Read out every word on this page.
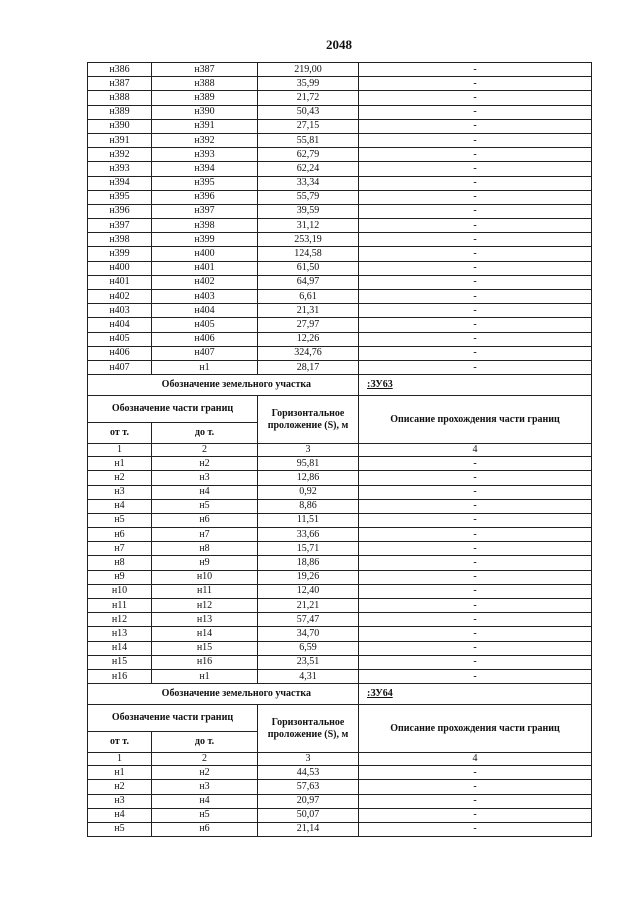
2048
н386	н387	219,00	-
н387	н388	35,99	-
н388	н389	21,72	-
н389	н390	50,43	-
н390	н391	27,15	-
н391	н392	55,81	-
н392	н393	62,79	-
н393	н394	62,24	-
н394	н395	33,34	-
н395	н396	55,79	-
н396	н397	39,59	-
н397	н398	31,12	-
н398	н399	253,19	-
н399	н400	124,58	-
н400	н401	61,50	-
н401	н402	64,97	-
н402	н403	6,61	-
н403	н404	21,31	-
н404	н405	27,97	-
н405	н406	12,26	-
н406	н407	324,76	-
н407	н1	28,17	-
Обозначение земельного участка			:ЗУ63
Обозначение части границ		Горизонтальное проложение (S), м	Описание прохождения части границ
от т.	до т.		
1	2	3	4
н1	н2	95,81	-
н2	н3	12,86	-
н3	н4	0,92	-
н4	н5	8,86	-
н5	н6	11,51	-
н6	н7	33,66	-
н7	н8	15,71	-
н8	н9	18,86	-
н9	н10	19,26	-
н10	н11	12,40	-
н11	н12	21,21	-
н12	н13	57,47	-
н13	н14	34,70	-
н14	н15	6,59	-
н15	н16	23,51	-
н16	н1	4,31	-
Обозначение земельного участка			:ЗУ64
Обозначение части границ		Горизонтальное проложение (S), м	Описание прохождения части границ
от т.	до т.		
1	2	3	4
н1	н2	44,53	-
н2	н3	57,63	-
н3	н4	20,97	-
н4	н5	50,07	-
н5	н6	21,14	-
